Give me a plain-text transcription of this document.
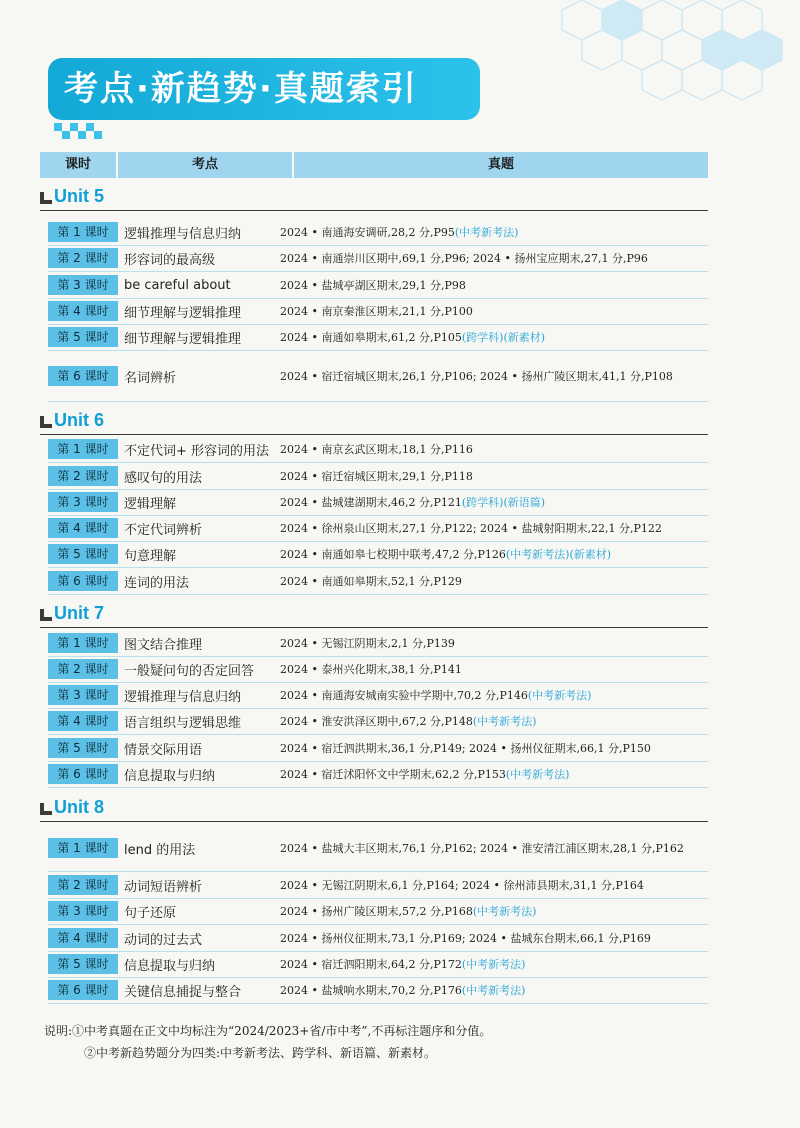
考点·新趋势·真题索引
课时	考点	真题
Unit 5
第 1 课时	逻辑推理与信息归纳	2024 • 南通海安调研,28,2 分,P95(中考新考法)
第 2 课时	形容词的最高级	2024 • 南通崇川区期中,69,1 分,P96; 2024 • 扬州宝应期末,27,1 分,P96
第 3 课时	be careful about	2024 • 盐城亭湖区期末,29,1 分,P98
第 4 课时	细节理解与逻辑推理	2024 • 南京秦淮区期末,21,1 分,P100
第 5 课时	细节理解与逻辑推理	2024 • 南通如皋期末,61,2 分,P105(跨学科)(新素材)
第 6 课时	名词辨析	2024 • 宿迁宿城区期末,26,1 分,P106; 2024 • 扬州广陵区期末,41,1 分,P108
Unit 6
第 1 课时	不定代词+ 形容词的用法 2024 • 南京玄武区期末,18,1 分,P116
第 2 课时	感叹句的用法	2024 • 宿迁宿城区期末,29,1 分,P118
第 3 课时	逻辑理解	2024 • 盐城建湖期末,46,2 分,P121(跨学科)(新语篇)
第 4 课时	不定代词辨析	2024 • 徐州泉山区期末,27,1 分,P122; 2024 • 盐城射阳期末,22,1 分,P122
第 5 课时	句意理解	2024 • 南通如皋七校期中联考,47,2 分,P126(中考新考法)(新素材)
第 6 课时	连词的用法	2024 • 南通如皋期末,52,1 分,P129
Unit 7
第 1 课时	图文结合推理	2024 • 无锡江阴期末,2,1 分,P139
第 2 课时	一般疑问句的否定回答	2024 • 泰州兴化期末,38,1 分,P141
第 3 课时	逻辑推理与信息归纳	2024 • 南通海安城南实验中学期中,70,2 分,P146(中考新考法)
第 4 课时	语言组织与逻辑思维	2024 • 淮安洪泽区期中,67,2 分,P148(中考新考法)
第 5 课时	情景交际用语	2024 • 宿迁泗洪期末,36,1 分,P149; 2024 • 扬州仪征期末,66,1 分,P150
第 6 课时	信息提取与归纳	2024 • 宿迁沭阳怀文中学期末,62,2 分,P153(中考新考法)
Unit 8
第 1 课时	lend 的用法	2024 • 盐城大丰区期末,76,1 分,P162; 2024 • 淮安清江浦区期末,28,1 分,P162
第 2 课时	动词短语辨析	2024 • 无锡江阴期末,6,1 分,P164; 2024 • 徐州沛县期末,31,1 分,P164
第 3 课时	句子还原	2024 • 扬州广陵区期末,57,2 分,P168(中考新考法)
第 4 课时	动词的过去式	2024 • 扬州仪征期末,73,1 分,P169; 2024 • 盐城东台期末,66,1 分,P169
第 5 课时	信息提取与归纳	2024 • 宿迁泗阳期末,64,2 分,P172(中考新考法)
第 6 课时	关键信息捕捉与整合	2024 • 盐城响水期末,70,2 分,P176(中考新考法)
说明:①中考真题在正文中均标注为“2024/2023+省/市中考”,不再标注题序和分值。
②中考新趋势题分为四类:中考新考法、跨学科、新语篇、新素材。
